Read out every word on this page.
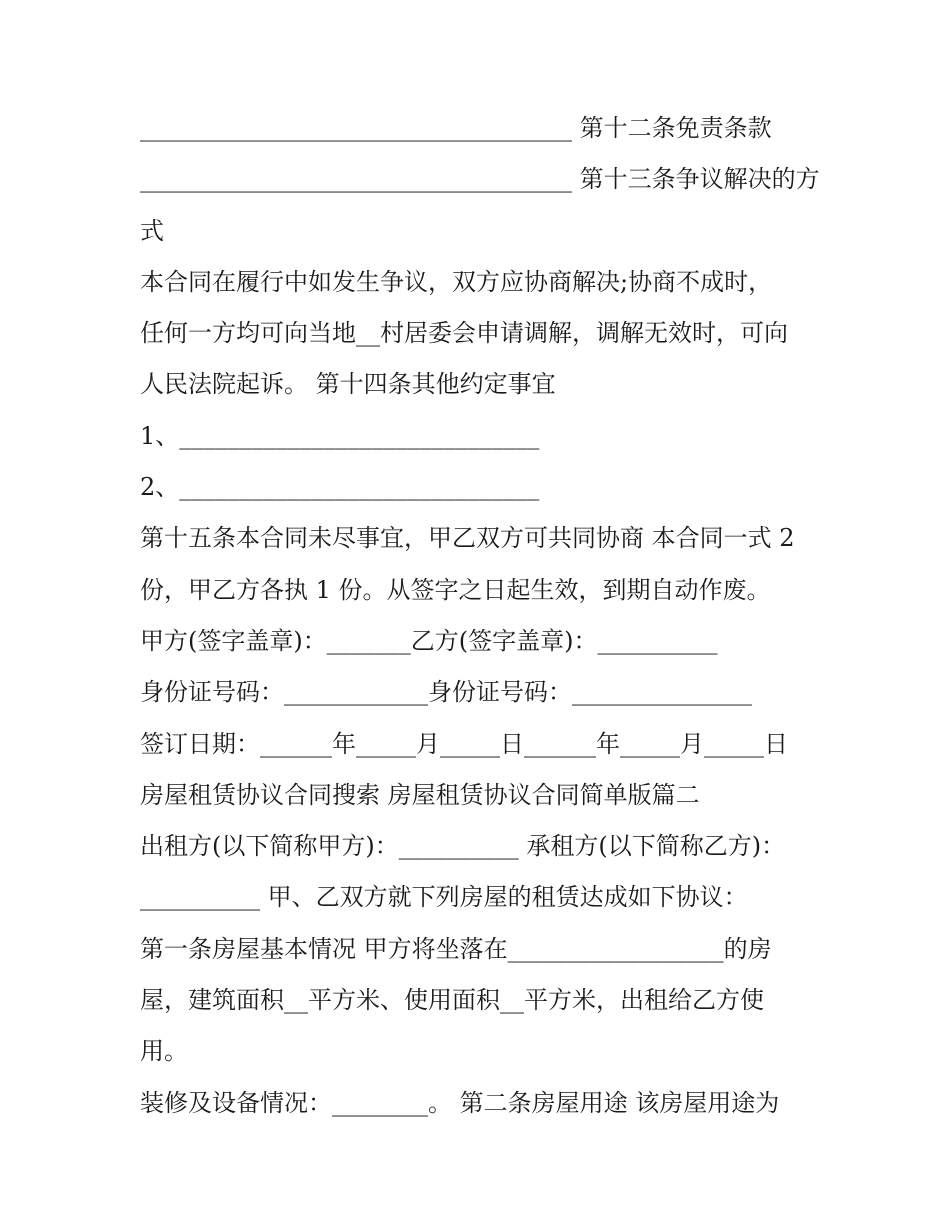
____________________________________ 第十二条免责条款
____________________________________ 第十三条争议解决的方
式
本合同在履行中如发生争议，双方应协商解决;协商不成时，
任何一方均可向当地__村居委会申请调解，调解无效时，可向
人民法院起诉。 第十四条其他约定事宜
1、______________________________
2、______________________________
第十五条本合同未尽事宜，甲乙双方可共同协商 本合同一式 2
份，甲乙方各执 1 份。从签字之日起生效，到期自动作废。
甲方(签字盖章)：_______乙方(签字盖章)：__________
身份证号码：____________身份证号码：_______________
签订日期：______年_____月_____日______年_____月_____日
房屋租赁协议合同搜索 房屋租赁协议合同简单版篇二
出租方(以下简称甲方)：__________ 承租方(以下简称乙方)：
__________ 甲、乙双方就下列房屋的租赁达成如下协议：
第一条房屋基本情况 甲方将坐落在__________________的房
屋，建筑面积__平方米、使用面积__平方米，出租给乙方使
用。
装修及设备情况：________。 第二条房屋用途 该房屋用途为
